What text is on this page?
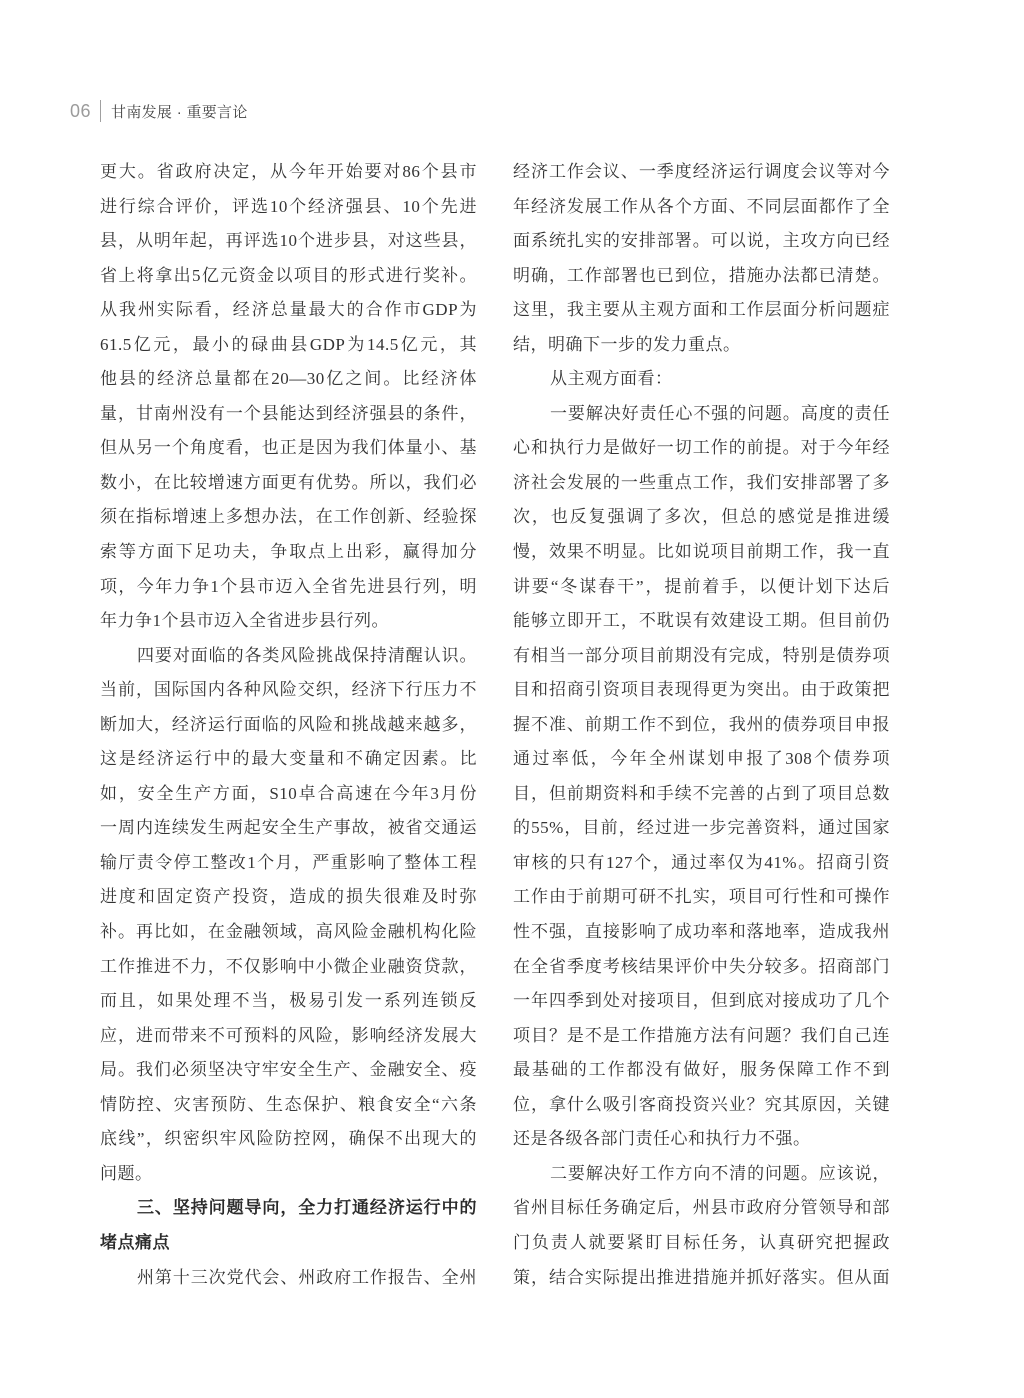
06 甘南发展 · 重要言论
更大。省政府决定，从今年开始要对86个县市
进行综合评价，评选10个经济强县、10个先进
县，从明年起，再评选10个进步县，对这些县，
省上将拿出5亿元资金以项目的形式进行奖补。
从我州实际看，经济总量最大的合作市GDP为
61.5亿元，最小的碌曲县GDP为14.5亿元，其
他县的经济总量都在20—30亿之间。比经济体
量，甘南州没有一个县能达到经济强县的条件，
但从另一个角度看，也正是因为我们体量小、基
数小，在比较增速方面更有优势。所以，我们必
须在指标增速上多想办法，在工作创新、经验探
索等方面下足功夫，争取点上出彩，赢得加分
项，今年力争1个县市迈入全省先进县行列，明
年力争1个县市迈入全省进步县行列。
四要对面临的各类风险挑战保持清醒认识。
当前，国际国内各种风险交织，经济下行压力不
断加大，经济运行面临的风险和挑战越来越多，
这是经济运行中的最大变量和不确定因素。比
如，安全生产方面，S10卓合高速在今年3月份
一周内连续发生两起安全生产事故，被省交通运
输厅责令停工整改1个月，严重影响了整体工程
进度和固定资产投资，造成的损失很难及时弥
补。再比如，在金融领域，高风险金融机构化险
工作推进不力，不仅影响中小微企业融资贷款，
而且，如果处理不当，极易引发一系列连锁反
应，进而带来不可预料的风险，影响经济发展大
局。我们必须坚决守牢安全生产、金融安全、疫
情防控、灾害预防、生态保护、粮食安全“六条
底线”，织密织牢风险防控网，确保不出现大的
问题。
三、坚持问题导向，全力打通经济运行中的
堵点痛点
州第十三次党代会、州政府工作报告、全州
经济工作会议、一季度经济运行调度会议等对今
年经济发展工作从各个方面、不同层面都作了全
面系统扎实的安排部署。可以说，主攻方向已经
明确，工作部署也已到位，措施办法都已清楚。
这里，我主要从主观方面和工作层面分析问题症
结，明确下一步的发力重点。
从主观方面看：
一要解决好责任心不强的问题。高度的责任
心和执行力是做好一切工作的前提。对于今年经
济社会发展的一些重点工作，我们安排部署了多
次，也反复强调了多次，但总的感觉是推进缓
慢，效果不明显。比如说项目前期工作，我一直
讲要“冬谋春干”，提前着手，以便计划下达后
能够立即开工，不耽误有效建设工期。但目前仍
有相当一部分项目前期没有完成，特别是债券项
目和招商引资项目表现得更为突出。由于政策把
握不准、前期工作不到位，我州的债券项目申报
通过率低，今年全州谋划申报了308个债券项
目，但前期资料和手续不完善的占到了项目总数
的55%，目前，经过进一步完善资料，通过国家
审核的只有127个，通过率仅为41%。招商引资
工作由于前期可研不扎实，项目可行性和可操作
性不强，直接影响了成功率和落地率，造成我州
在全省季度考核结果评价中失分较多。招商部门
一年四季到处对接项目，但到底对接成功了几个
项目？是不是工作措施方法有问题？我们自己连
最基础的工作都没有做好，服务保障工作不到
位，拿什么吸引客商投资兴业？究其原因，关键
还是各级各部门责任心和执行力不强。
二要解决好工作方向不清的问题。应该说，
省州目标任务确定后，州县市政府分管领导和部
门负责人就要紧盯目标任务，认真研究把握政
策，结合实际提出推进措施并抓好落实。但从面
